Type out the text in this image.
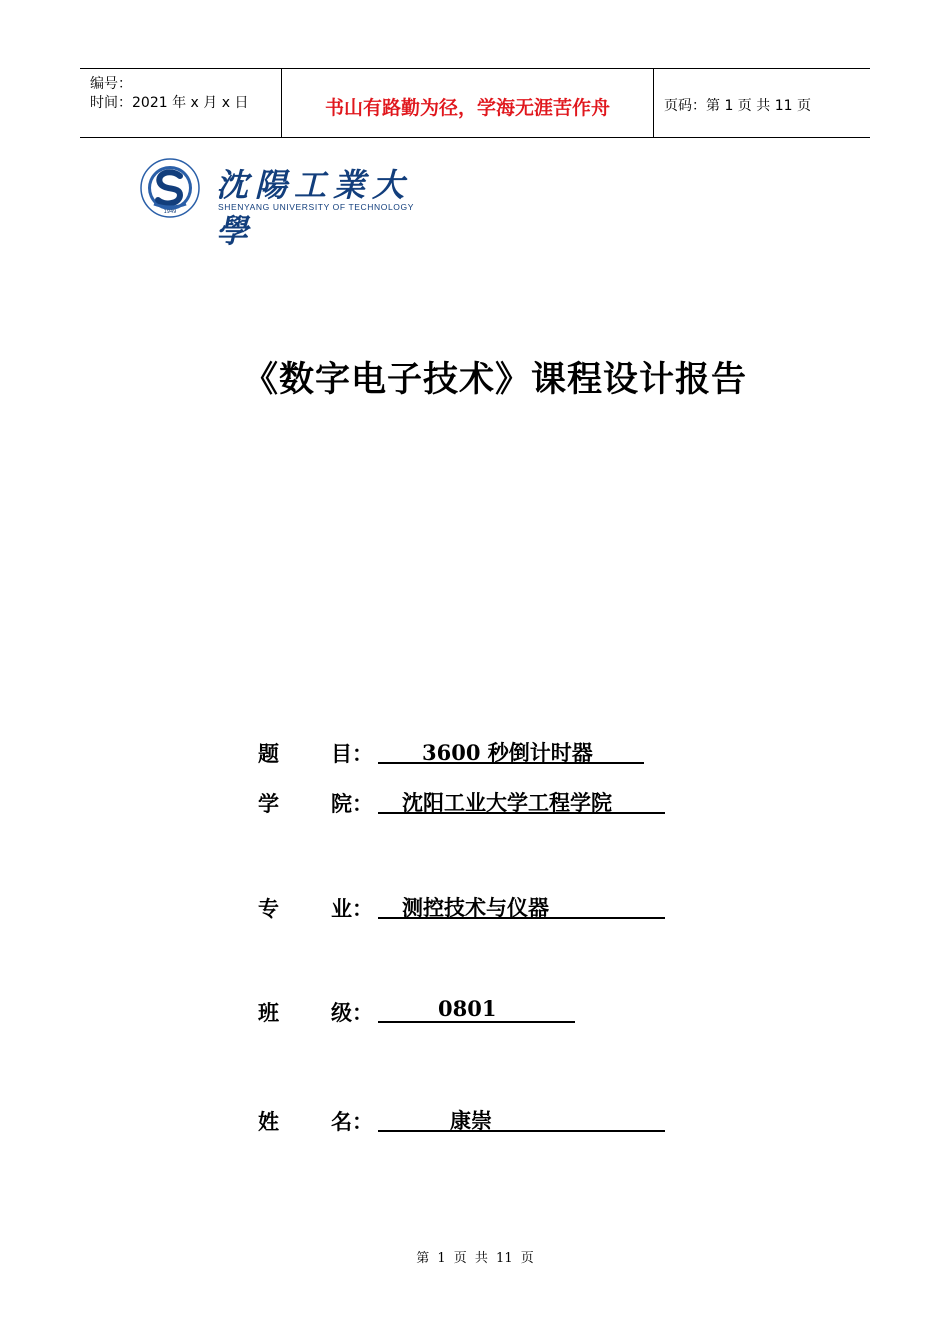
编号：
时间：2021 年 x 月 x 日	书山有路勤为径，学海无涯苦作舟	页码：第 1 页 共 11 页
1949
沈陽工業大學
SHENYANG UNIVERSITY OF TECHNOLOGY
《数字电子技术》课程设计报告
题 目： 3600 秒倒计时器
学 院： 沈阳工业大学工程学院
专 业： 测控技术与仪器
班 级：	0801
姓 名：	康崇
第 1 页 共 11 页
